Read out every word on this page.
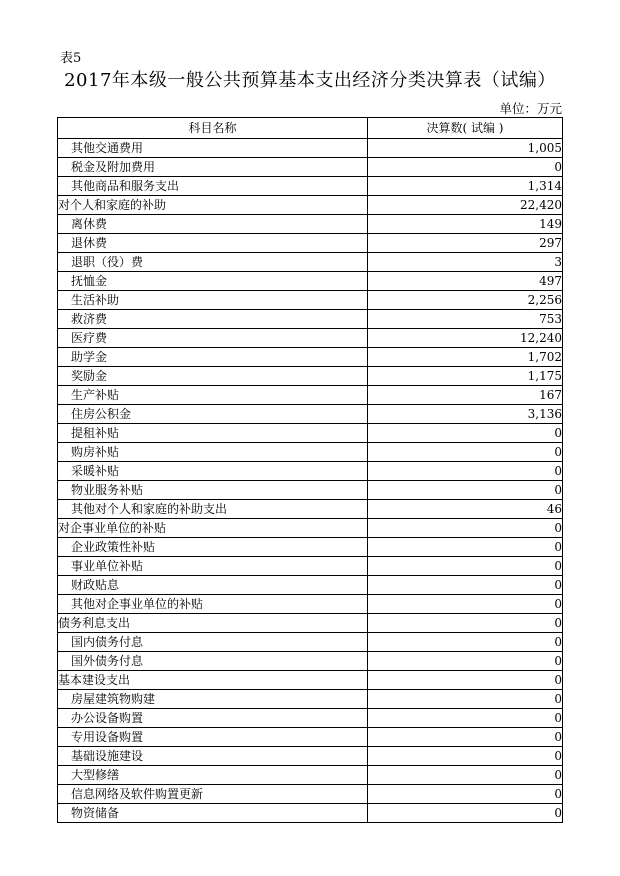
表5
2017年本级一般公共预算基本支出经济分类决算表（试编）
单位：万元
科目名称	决算数( 试编 )
其他交通费用	1,005
税金及附加费用	0
其他商品和服务支出	1,314
对个人和家庭的补助	22,420
离休费	149
退休费	297
退职（役）费	3
抚恤金	497
生活补助	2,256
救济费	753
医疗费	12,240
助学金	1,702
奖励金	1,175
生产补贴	167
住房公积金	3,136
提租补贴	0
购房补贴	0
采暖补贴	0
物业服务补贴	0
其他对个人和家庭的补助支出	46
对企事业单位的补贴	0
企业政策性补贴	0
事业单位补贴	0
财政贴息	0
其他对企事业单位的补贴	0
债务利息支出	0
国内债务付息	0
国外债务付息	0
基本建设支出	0
房屋建筑物购建	0
办公设备购置	0
专用设备购置	0
基础设施建设	0
大型修缮	0
信息网络及软件购置更新	0
物资储备	0
